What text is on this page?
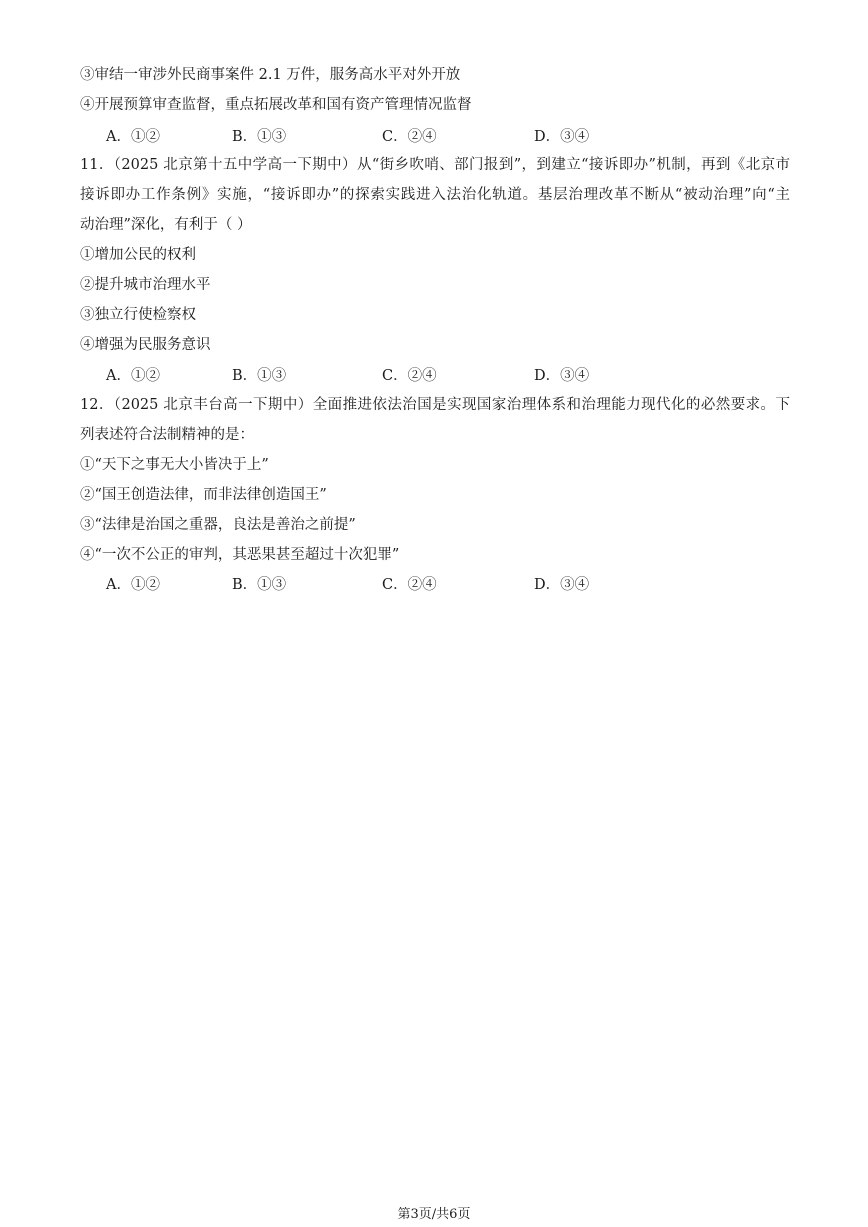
③审结一审涉外民商事案件 2.1 万件，服务高水平对外开放
④开展预算审查监督，重点拓展改革和国有资产管理情况监督
A．①②	B．①③	C．②④	D．③④
11．（2025 北京第十五中学高一下期中）从“街乡吹哨、部门报到”，到建立“接诉即办”机制，再到《北京市
接诉即办工作条例》实施，“接诉即办”的探索实践进入法治化轨道。基层治理改革不断从“被动治理”向“主
动治理”深化，有利于（ ）
①增加公民的权利
②提升城市治理水平
③独立行使检察权
④增强为民服务意识
A．①②	B．①③	C．②④	D．③④
12．（2025 北京丰台高一下期中）全面推进依法治国是实现国家治理体系和治理能力现代化的必然要求。下
列表述符合法制精神的是：
①“天下之事无大小皆决于上”
②“国王创造法律，而非法律创造国王”
③“法律是治国之重器，良法是善治之前提”
④“一次不公正的审判，其恶果甚至超过十次犯罪”
A．①②	B．①③	C．②④	D．③④
第3页/共6页
